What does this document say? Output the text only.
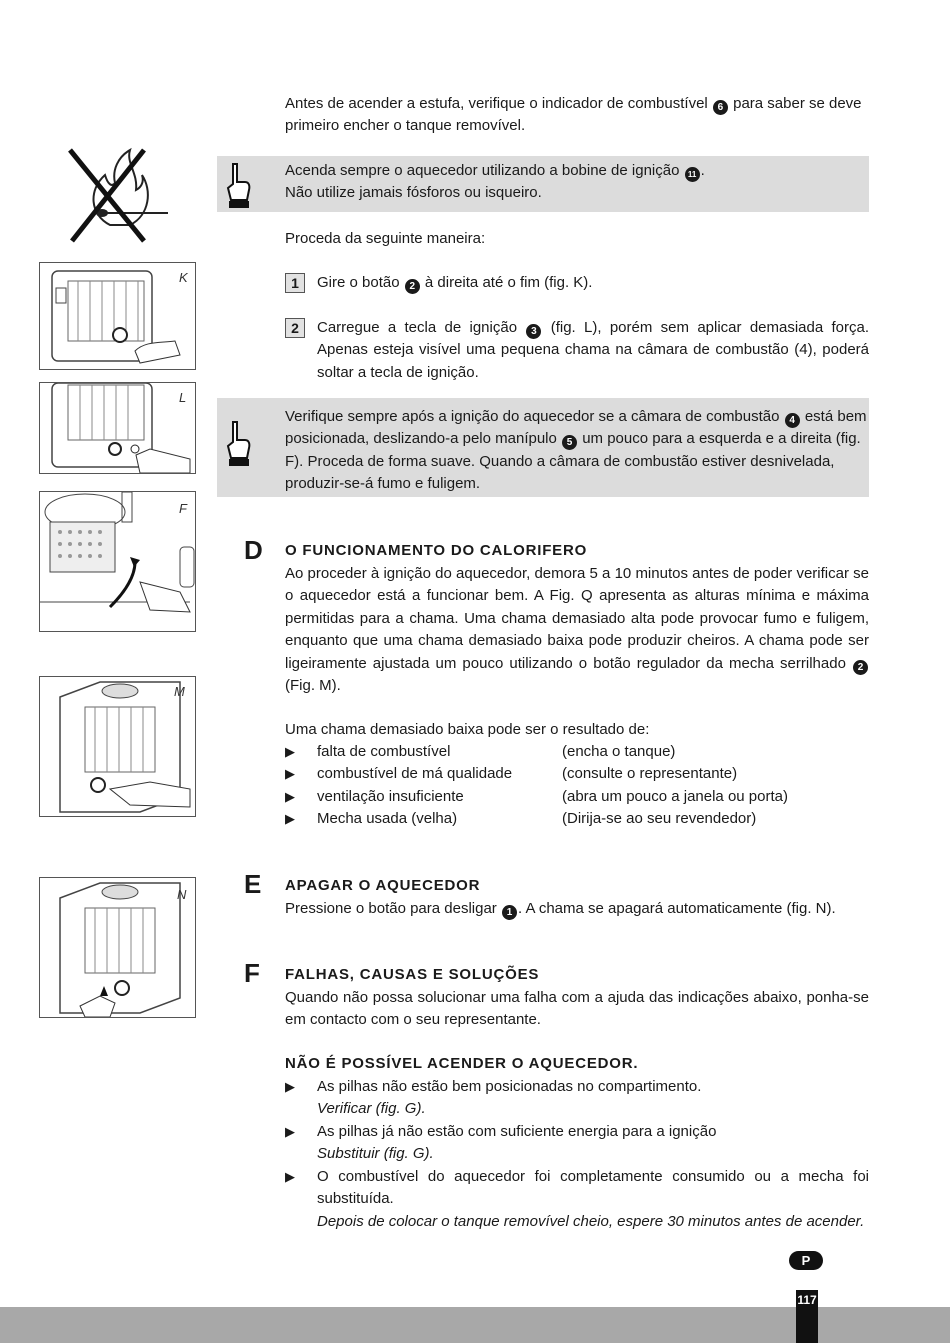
Antes de acender a estufa, verifique o indicador de combustível 6 para saber se deve primeiro encher o tanque removível.
Acenda sempre o aquecedor utilizando a bobine de ignição 11 .
Não utilize jamais fósforos ou isqueiro.
Proceda da seguinte maneira:
1	Gire o botão 2 à direita até o fim (fig. K).
2	Carregue a tecla de ignição 3 (fig. L), porém sem aplicar demasiada força. Apenas esteja visível uma pequena chama na câmara de combustão (4), poderá soltar a tecla de ignição.
Verifique sempre após a ignição do aquecedor se a câmara de combustão 4 está bem posicionada, deslizando-a pelo manípulo 5 um pouco para a esquerda e a direita (fig. F). Proceda de forma suave. Quando a câmara de combustão estiver desnivelada, produzir-se-á fumo e fuligem.
D O FUNCIONAMENTO DO CALORIFERO
Ao proceder à ignição do aquecedor, demora 5 a 10 minutos antes de poder verificar se o aquecedor está a funcionar bem. A Fig. Q apresenta as alturas mínima e máxima permitidas para a chama. Uma chama demasiado alta pode provocar fumo e fuligem, enquanto que uma chama demasiado baixa pode produzir cheiros. A chama pode ser ligeiramente ajustada um pouco utilizando o botão regulador da mecha serrilhado 2 (Fig. M).
Uma chama demasiado baixa pode ser o resultado de:
▶ falta de combustível	(encha o tanque)
▶ combustível de má qualidade	(consulte o representante)
▶ ventilação insuficiente	(abra um pouco a janela ou porta)
▶ Mecha usada (velha)	(Dirija-se ao seu revendedor)
E APAGAR O AQUECEDOR
Pressione o botão para desligar 1 . A chama se apagará automaticamente (fig. N).
F FALHAS, CAUSAS E SOLUÇÕES
Quando não possa solucionar uma falha com a ajuda das indicações abaixo, ponha-se em contacto com o seu representante.
NÃO É POSSÍVEL ACENDER O AQUECEDOR.
▶ As pilhas não estão bem posicionadas no compartimento.
Verificar (fig. G).
▶ As pilhas já não estão com suficiente energia para a ignição
Substituir (fig. G).
▶ O combustível do aquecedor foi completamente consumido ou a mecha foi substituída.
Depois de colocar o tanque removível cheio, espere 30 minutos antes de acender.
K
L
F
M
N
P
117
